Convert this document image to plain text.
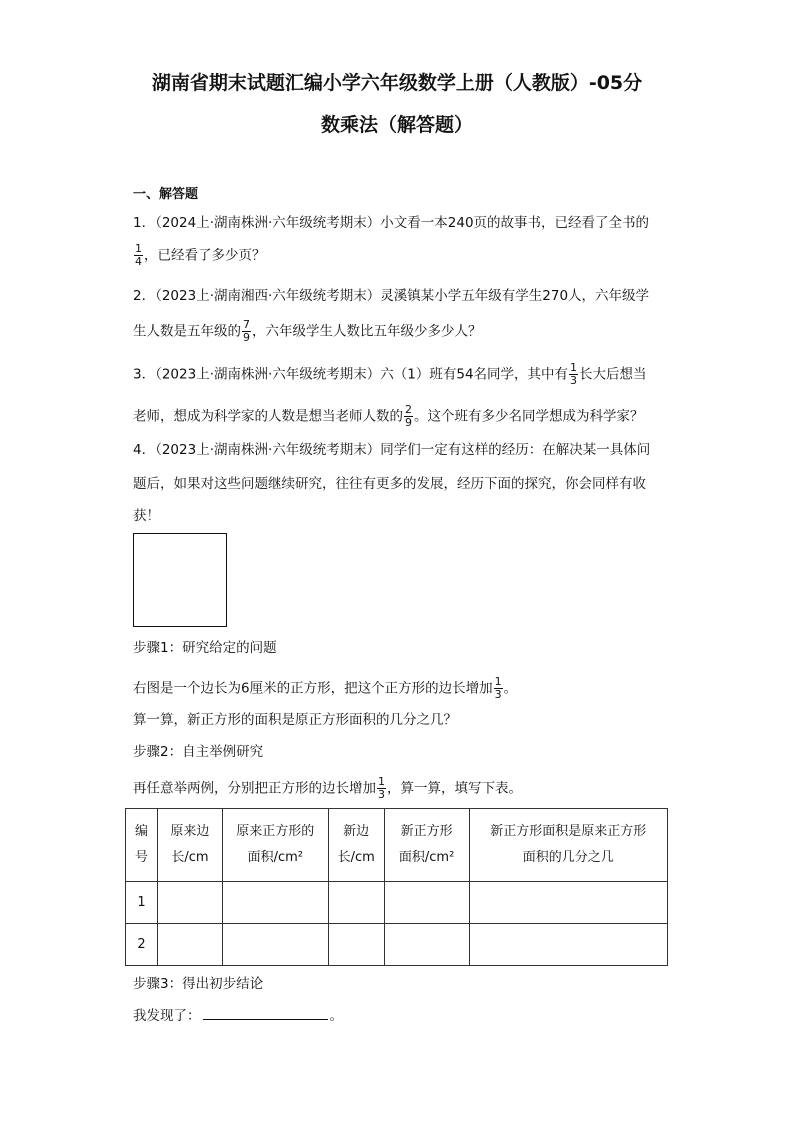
湖南省期末试题汇编小学六年级数学上册（人教版）-05分
数乘法（解答题）
一、解答题
1．（2024上·湖南株洲·六年级统考期末）小文看一本240页的故事书，已经看了全书的
$\frac{1}{4}$ ，已经看了多少页？
2．（2023上·湖南湘西·六年级统考期末）灵溪镇某小学五年级有学生270人，六年级学
生人数是五年级的 $\frac{7}{9}$ ，六年级学生人数比五年级少多少人？
3．（2023上·湖南株洲·六年级统考期末）六（1）班有54名同学，其中有 $\frac{1}{3}$ 长大后想当
老师，想成为科学家的人数是想当老师人数的 $\frac{2}{9}$ 。这个班有多少名同学想成为科学家？
4．（2023上·湖南株洲·六年级统考期末）同学们一定有这样的经历：在解决某一具体问
题后，如果对这些问题继续研究，往往有更多的发展，经历下面的探究，你会同样有收
获！
步骤1：研究给定的问题
右图是一个边长为6厘米的正方形，把这个正方形的边长增加 $\frac{1}{3}$ 。
算一算，新正方形的面积是原正方形面积的几分之几？
步骤2：自主举例研究
再任意举两例，分别把正方形的边长增加 $\frac{1}{3}$ ，算一算，填写下表。
编
号	原来边
长/cm	原来正方形的
面积/cm²	新边
长/cm	新正方形
面积/cm²	新正方形面积是原来正方形
面积的几分之几
1					
2					
步骤3：得出初步结论
我发现了：	。
